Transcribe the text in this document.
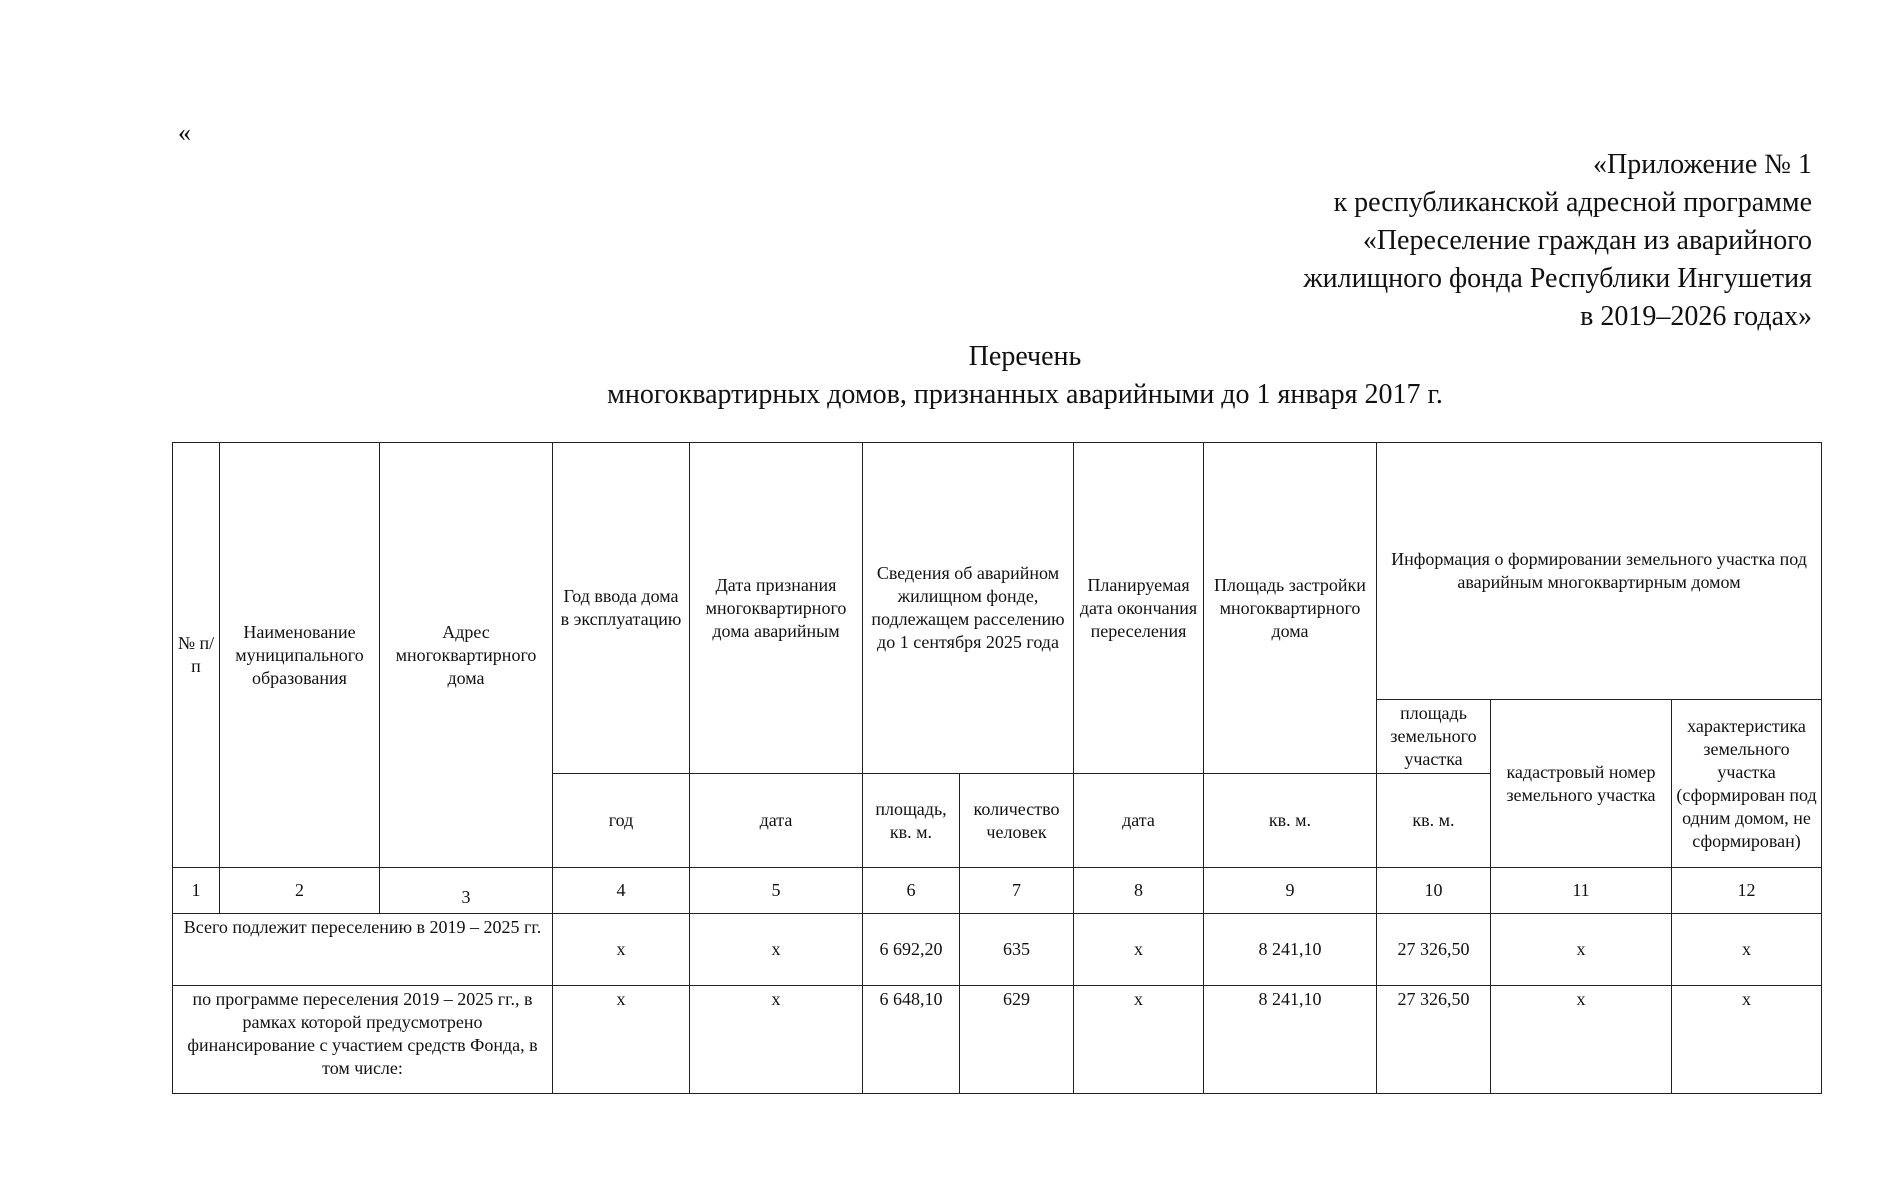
«
«Приложение № 1
к республиканской адресной программе
«Переселение граждан из аварийного
жилищного фонда Республики Ингушетия
в 2019–2026 годах»
Перечень
многоквартирных домов, признанных аварийными до 1 января 2017 г.
№ п/п	Наименование муниципального образования	Адрес многоквартирного дома	Год ввода дома в эксплуатацию	Дата признания многоквартирного дома аварийным	Сведения об аварийном жилищном фонде, подлежащем расселению до 1 сентября 2025 года		Планируемая дата окончания переселения	Площадь застройки многоквартирного дома	Информация о формировании земельного участка под аварийным многоквартирным домом		
									площадь земельного участка	кадастровый номер земельного участка	характеристика земельного участка (сформирован под одним домом, не сформирован)
			год	дата	площадь, кв. м.	количество человек	дата	кв. м.	кв. м.		
1	2	3	4	5	6	7	8	9	10	11	12
Всего подлежит переселению в 2019 – 2025 гг.			х	х	6 692,20	635	х	8 241,10	27 326,50	х	х
по программе переселения 2019 – 2025 гг., в рамках которой предусмотрено финансирование с участием средств Фонда, в том числе:			х	х	6 648,10	629	х	8 241,10	27 326,50	х	х
